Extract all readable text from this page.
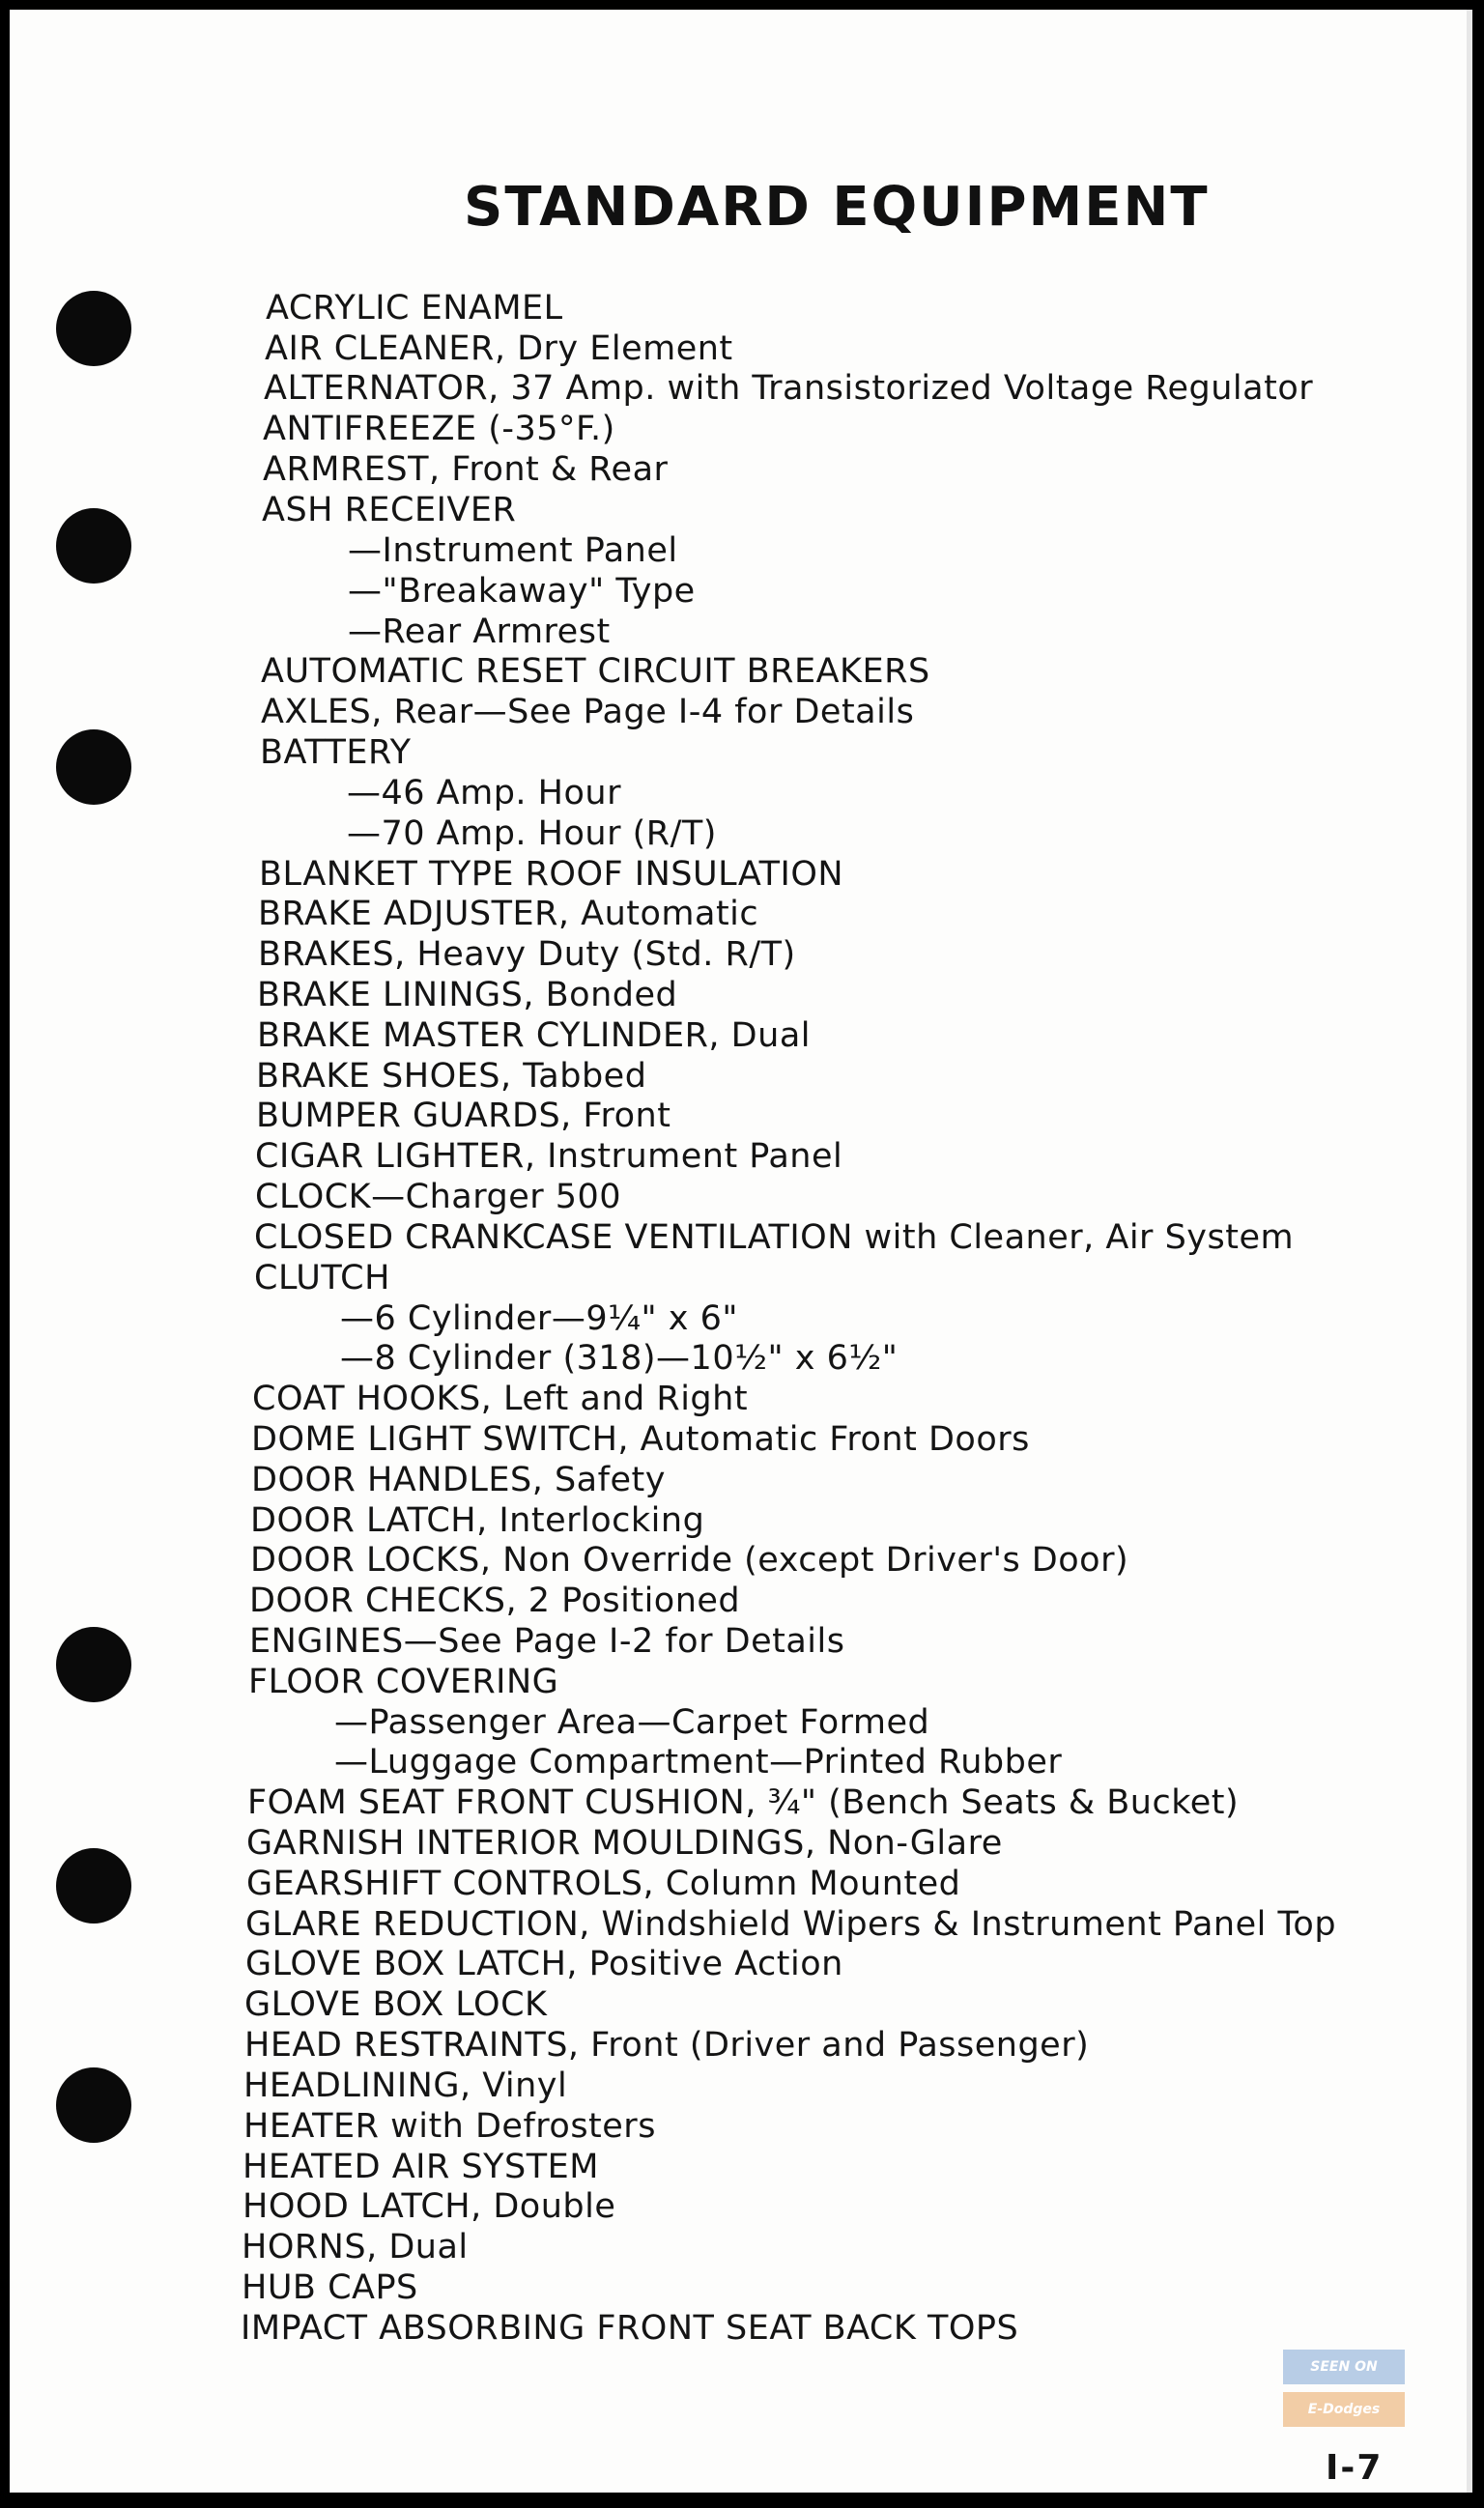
STANDARD EQUIPMENT
ACRYLIC ENAMEL
AIR CLEANER, Dry Element
ALTERNATOR, 37 Amp. with Transistorized Voltage Regulator
ANTIFREEZE (-35°F.)
ARMREST, Front & Rear
ASH RECEIVER
—Instrument Panel
—"Breakaway" Type
—Rear Armrest
AUTOMATIC RESET CIRCUIT BREAKERS
AXLES, Rear—See Page I-4 for Details
BATTERY
—46 Amp. Hour
—70 Amp. Hour (R/T)
BLANKET TYPE ROOF INSULATION
BRAKE ADJUSTER, Automatic
BRAKES, Heavy Duty (Std. R/T)
BRAKE LININGS, Bonded
BRAKE MASTER CYLINDER, Dual
BRAKE SHOES, Tabbed
BUMPER GUARDS, Front
CIGAR LIGHTER, Instrument Panel
CLOCK—Charger 500
CLOSED CRANKCASE VENTILATION with Cleaner, Air System
CLUTCH
—6 Cylinder—9¼" x 6"
—8 Cylinder (318)—10½" x 6½"
COAT HOOKS, Left and Right
DOME LIGHT SWITCH, Automatic Front Doors
DOOR HANDLES, Safety
DOOR LATCH, Interlocking
DOOR LOCKS, Non Override (except Driver's Door)
DOOR CHECKS, 2 Positioned
ENGINES—See Page I-2 for Details
FLOOR COVERING
—Passenger Area—Carpet Formed
—Luggage Compartment—Printed Rubber
FOAM SEAT FRONT CUSHION, ¾" (Bench Seats & Bucket)
GARNISH INTERIOR MOULDINGS, Non-Glare
GEARSHIFT CONTROLS, Column Mounted
GLARE REDUCTION, Windshield Wipers & Instrument Panel Top
GLOVE BOX LATCH, Positive Action
GLOVE BOX LOCK
HEAD RESTRAINTS, Front (Driver and Passenger)
HEADLINING, Vinyl
HEATER with Defrosters
HEATED AIR SYSTEM
HOOD LATCH, Double
HORNS, Dual
HUB CAPS
IMPACT ABSORBING FRONT SEAT BACK TOPS
SEEN ON
E-Dodges
I-7
